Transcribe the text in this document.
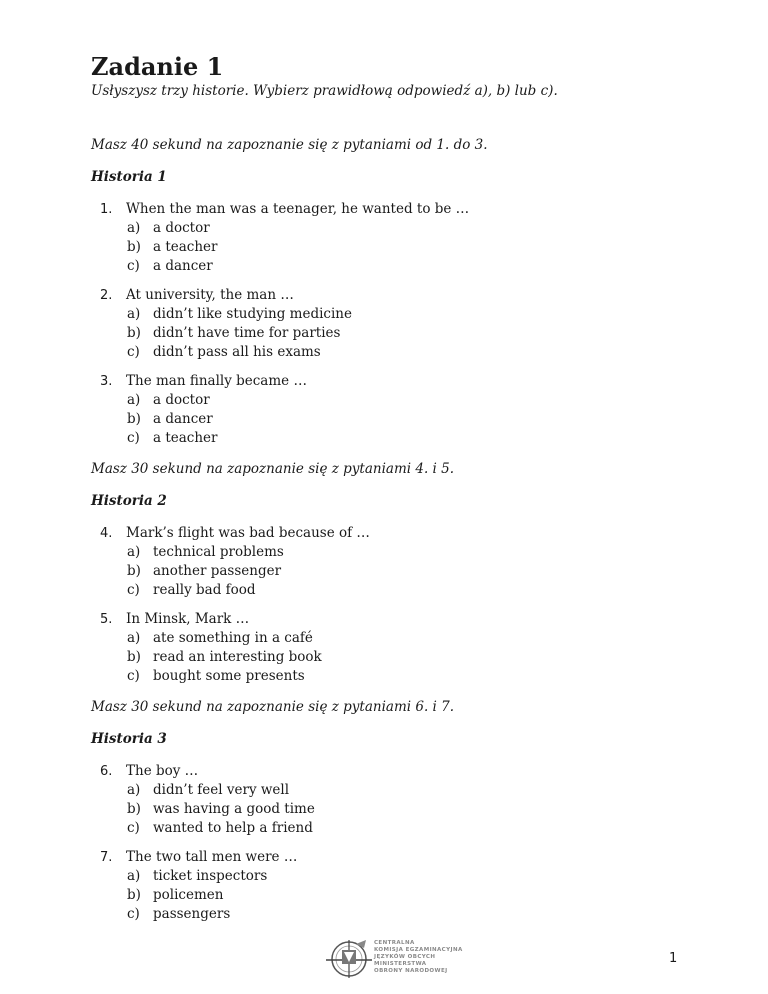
Zadanie 1

Usłyszysz trzy historie. Wybierz prawidłową odpowiedź a), b) lub c).

Masz 40 sekund na zapoznanie się z pytaniami od 1. do 3.

Historia 1

1. When the man was a teenager, he wanted to be …
a) a doctor
b) a teacher
c) a dancer
2. At university, the man …
a) didn’t like studying medicine
b) didn’t have time for parties
c) didn’t pass all his exams
3. The man finally became …
a) a doctor
b) a dancer
c) a teacher

Masz 30 sekund na zapoznanie się z pytaniami 4. i 5.

Historia 2

4. Mark’s flight was bad because of …
a) technical problems
b) another passenger
c) really bad food
5. In Minsk, Mark …
a) ate something in a café
b) read an interesting book
c) bought some presents

Masz 30 sekund na zapoznanie się z pytaniami 6. i 7.

Historia 3

6. The boy …
a) didn’t feel very well
b) was having a good time
c) wanted to help a friend
7. The two tall men were …
a) ticket inspectors
b) policemen
c) passengers
CENTRALNA
KOMISJA EGZAMINACYJNA
JĘZYKÓW OBCYCH
MINISTERSTWA
OBRONY NARODOWEJ
1
